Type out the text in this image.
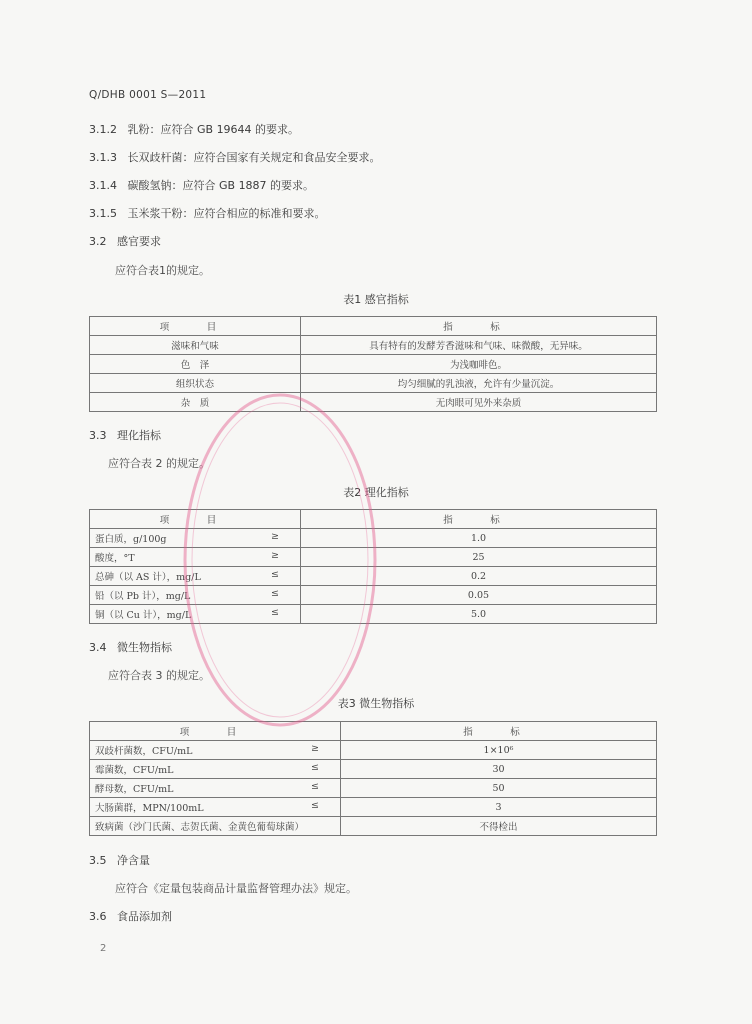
Q/DHB 0001 S—2011
3.1.2 乳粉：应符合 GB 19644 的要求。
3.1.3 长双歧杆菌：应符合国家有关规定和食品安全要求。
3.1.4 碳酸氢钠：应符合 GB 1887 的要求。
3.1.5 玉米浆干粉：应符合相应的标准和要求。
3.2 感官要求
应符合表1的规定。
表1 感官指标
项　目	指　标
滋味和气味	具有特有的发酵芳香滋味和气味、味微酸，无异味。
色　泽	为浅咖啡色。
组织状态	均匀细腻的乳浊液，允许有少量沉淀。
杂　质	无肉眼可见外来杂质
3.3 理化指标
应符合表 2 的规定。
表2 理化指标
项　目	指　标
蛋白质，g/100g ≥	1.0
酸度，°T ≥	25
总砷（以 AS 计），mg/L ≤	0.2
铅（以 Pb 计），mg/L ≤	0.05
铜（以 Cu 计），mg/L ≤	5.0
3.4 微生物指标
应符合表 3 的规定。
表3 微生物指标
项　目	指　标
双歧杆菌数，CFU/mL ≥	1×10⁶
霉菌数，CFU/mL ≤	30
酵母数，CFU/mL ≤	50
大肠菌群，MPN/100mL ≤	3
致病菌（沙门氏菌、志贺氏菌、金黄色葡萄球菌）	不得检出
3.5 净含量
应符合《定量包装商品计量监督管理办法》规定。
3.6 食品添加剂
2
